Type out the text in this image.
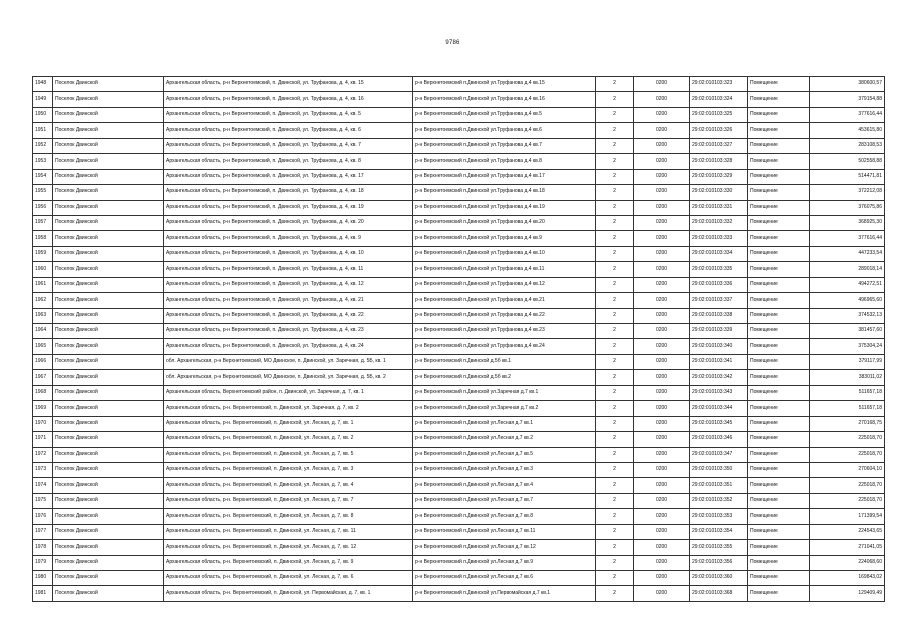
9786
1948	Поселок Двинской	Архангельская область, р-н Верхнетоемский, п. Двинской, ул. Труфанова, д. 4, кв. 15	р-н Верхнетоемский п.Двинской ул.Труфанова д.4 кв.15	2	0200	29:02:010103:323	Помещение	380600,57
1949	Поселок Двинской	Архангельская область, р-н Верхнетоемский, п. Двинской, ул. Труфанова, д. 4, кв. 16	р-н Верхнетоемский п.Двинской ул.Труфанова д.4 кв.16	2	0200	29:02:010103:324	Помещение	379154,88
1950	Поселок Двинской	Архангельская область, р-н Верхнетоемский, п. Двинской, ул. Труфанова, д. 4, кв. 5	р-н Верхнетоемский п.Двинской ул.Труфанова д.4 кв.5	2	0200	29:02:010103:325	Помещение	377616,44
1951	Поселок Двинской	Архангельская область, р-н Верхнетоемский, п. Двинской, ул. Труфанова, д. 4, кв. 6	р-н Верхнетоемский п.Двинской ул.Труфанова д.4 кв.6	2	0200	29:02:010103:326	Помещение	453615,80
1952	Поселок Двинской	Архангельская область, р-н Верхнетоемский, п. Двинской, ул. Труфанова, д. 4, кв. 7	р-н Верхнетоемский п.Двинской ул.Труфанова д.4 кв.7	2	0200	29:02:010103:327	Помещение	283108,53
1953	Поселок Двинской	Архангельская область, р-н Верхнетоемский, п. Двинской, ул. Труфанова, д. 4, кв. 8	р-н Верхнетоемский п.Двинской ул.Труфанова д.4 кв.8	2	0200	29:02:010103:328	Помещение	502558,88
1954	Поселок Двинской	Архангельская область, р-н Верхнетоемский, п. Двинской, ул. Труфанова, д. 4, кв. 17	р-н Верхнетоемский п.Двинской ул.Труфанова д.4 кв.17	2	0200	29:02:010103:329	Помещение	514471,81
1955	Поселок Двинской	Архангельская область, р-н Верхнетоемский, п. Двинской, ул. Труфанова, д. 4, кв. 18	р-н Верхнетоемский п.Двинской ул.Труфанова д.4 кв.18	2	0200	29:02:010103:330	Помещение	372212,08
1956	Поселок Двинской	Архангельская область, р-н Верхнетоемский, п. Двинской, ул. Труфанова, д. 4, кв. 19	р-н Верхнетоемский п.Двинской ул.Труфанова д.4 кв.19	2	0200	29:02:010103:331	Помещение	376075,86
1957	Поселок Двинской	Архангельская область, р-н Верхнетоемский, п. Двинской, ул. Труфанова, д. 4, кв. 20	р-н Верхнетоемский п.Двинской ул.Труфанова д.4 кв.20	2	0200	29:02:010103:332	Помещение	368925,30
1958	Поселок Двинской	Архангельская область, р-н Верхнетоемский, п. Двинской, ул. Труфанова, д. 4, кв. 9	р-н Верхнетоемский п.Двинской ул.Труфанова д.4 кв.9	2	0200	29:02:010103:333	Помещение	377616,44
1959	Поселок Двинской	Архангельская область, р-н Верхнетоемский, п. Двинской, ул. Труфанова, д. 4, кв. 10	р-н Верхнетоемский п.Двинской ул.Труфанова д.4 кв.10	2	0200	29:02:010103:334	Помещение	447233,54
1960	Поселок Двинской	Архангельская область, р-н Верхнетоемский, п. Двинской, ул. Труфанова, д. 4, кв. 11	р-н Верхнетоемский п.Двинской ул.Труфанова д.4 кв.11	2	0200	29:02:010103:335	Помещение	289018,14
1961	Поселок Двинской	Архангельская область, р-н Верхнетоемский, п. Двинской, ул. Труфанова, д. 4, кв. 12	р-н Верхнетоемский п.Двинской ул.Труфанова д.4 кв.12	2	0200	29:02:010103:336	Помещение	494272,51
1962	Поселок Двинской	Архангельская область, р-н Верхнетоемский, п. Двинской, ул. Труфанова, д. 4, кв. 21	р-н Верхнетоемский п.Двинской ул.Труфанова д.4 кв.21	2	0200	29:02:010103:337	Помещение	496965,60
1963	Поселок Двинской	Архангельская область, р-н Верхнетоемский, п. Двинской, ул. Труфанова, д. 4, кв. 22	р-н Верхнетоемский п.Двинской ул.Труфанова д.4 кв.22	2	0200	29:02:010103:338	Помещение	374532,13
1964	Поселок Двинской	Архангельская область, р-н Верхнетоемский, п. Двинской, ул. Труфанова, д. 4, кв. 23	р-н Верхнетоемский п.Двинской ул.Труфанова д.4 кв.23	2	0200	29:02:010103:339	Помещение	381457,60
1965	Поселок Двинской	Архангельская область, р-н Верхнетоемский, п. Двинской, ул. Труфанова, д. 4, кв. 24	р-н Верхнетоемский п.Двинской ул.Труфанова д.4 кв.24	2	0200	29:02:010103:340	Помещение	375304,24
1966	Поселок Двинской	обл. Архангельская, р-н Верхнетоемский, МО Двинское, п. Двинской, ул. Заречная, д. 5Б, кв. 1	р-н Верхнетоемский п.Двинской д.5б кв.1	2	0200	29:02:010103:341	Помещение	379117,99
1967	Поселок Двинской	обл. Архангельская, р-н Верхнетоемский, МО Двинское, п. Двинской, ул. Заречная, д. 5Б, кв. 2	р-н Верхнетоемский п.Двинской д.5б кв.2	2	0200	29:02:010103:342	Помещение	383011,02
1968	Поселок Двинской	Архангельская область, Верхнетоемский район, п. Двинской, ул. Заречная, д. 7, кв. 1	р-н Верхнетоемский п.Двинской ул.Заречная д.7 кв.1	2	0200	29:02:010103:343	Помещение	511657,18
1969	Поселок Двинской	Архангельская область, р-н. Верхнетоемский, п. Двинской, ул. Заречная, д. 7, кв. 2	р-н Верхнетоемский п.Двинской ул.Заречная д.7 кв.2	2	0200	29:02:010103:344	Помещение	511657,18
1970	Поселок Двинской	Архангельская область, р-н. Верхнетоемский, п. Двинской, ул. Лесная, д. 7, кв. 1	р-н Верхнетоемский п.Двинской ул.Лесная д.7 кв.1	2	0200	29:02:010103:345	Помещение	270168,75
1971	Поселок Двинской	Архангельская область, р-н. Верхнетоемский, п. Двинской, ул. Лесная, д. 7, кв. 2	р-н Верхнетоемский п.Двинской ул.Лесная д.7 кв.2	2	0200	29:02:010103:346	Помещение	225018,70
1972	Поселок Двинской	Архангельская область, р-н. Верхнетоемский, п. Двинской, ул. Лесная, д. 7, кв. 5	р-н Верхнетоемский п.Двинской ул.Лесная д.7 кв.5	2	0200	29:02:010103:347	Помещение	225018,70
1973	Поселок Двинской	Архангельская область, р-н. Верхнетоемский, п. Двинской, ул. Лесная, д. 7, кв. 3	р-н Верхнетоемский п.Двинской ул.Лесная д.7 кв.3	2	0200	29:02:010103:350	Помещение	270604,10
1974	Поселок Двинской	Архангельская область, р-н. Верхнетоемский, п. Двинской, ул. Лесная, д. 7, кв. 4	р-н Верхнетоемский п.Двинской ул.Лесная д.7 кв.4	2	0200	29:02:010103:351	Помещение	225018,70
1975	Поселок Двинской	Архангельская область, р-н. Верхнетоемский, п. Двинской, ул. Лесная, д. 7, кв. 7	р-н Верхнетоемский п.Двинской ул.Лесная д.7 кв.7	2	0200	29:02:010103:352	Помещение	225018,70
1976	Поселок Двинской	Архангельская область, р-н. Верхнетоемский, п. Двинской, ул. Лесная, д. 7, кв. 8	р-н Верхнетоемский п.Двинской ул.Лесная д.7 кв.8	2	0200	29:02:010103:353	Помещение	171399,54
1977	Поселок Двинской	Архангельская область, р-н. Верхнетоемский, п. Двинской, ул. Лесная, д. 7, кв. 11	р-н Верхнетоемский п.Двинской ул.Лесная д.7 кв.11	2	0200	29:02:010103:354	Помещение	224543,65
1978	Поселок Двинской	Архангельская область, р-н. Верхнетоемский, п. Двинской, ул. Лесная, д. 7, кв. 12	р-н Верхнетоемский п.Двинской ул.Лесная д.7 кв.12	2	0200	29:02:010103:355	Помещение	271041,05
1979	Поселок Двинской	Архангельская область, р-н. Верхнетоемский, п. Двинской, ул. Лесная, д. 7, кв. 9	р-н Верхнетоемский п.Двинской ул.Лесная д.7 кв.9	2	0200	29:02:010103:356	Помещение	224068,60
1980	Поселок Двинской	Архангельская область, р-н. Верхнетоемский, п. Двинской, ул. Лесная, д. 7, кв. 6	р-н Верхнетоемский п.Двинской ул.Лесная д.7 кв.6	2	0200	29:02:010103:360	Помещение	169843,02
1981	Поселок Двинской	Архангельская область, р-н. Верхнетоемский, п. Двинской, ул. Первомайская, д. 7, кв. 1	р-н Верхнетоемский п.Двинской ул.Первомайская д.7 кв.1	2	0200	29:02:010103:368	Помещение	129409,49
